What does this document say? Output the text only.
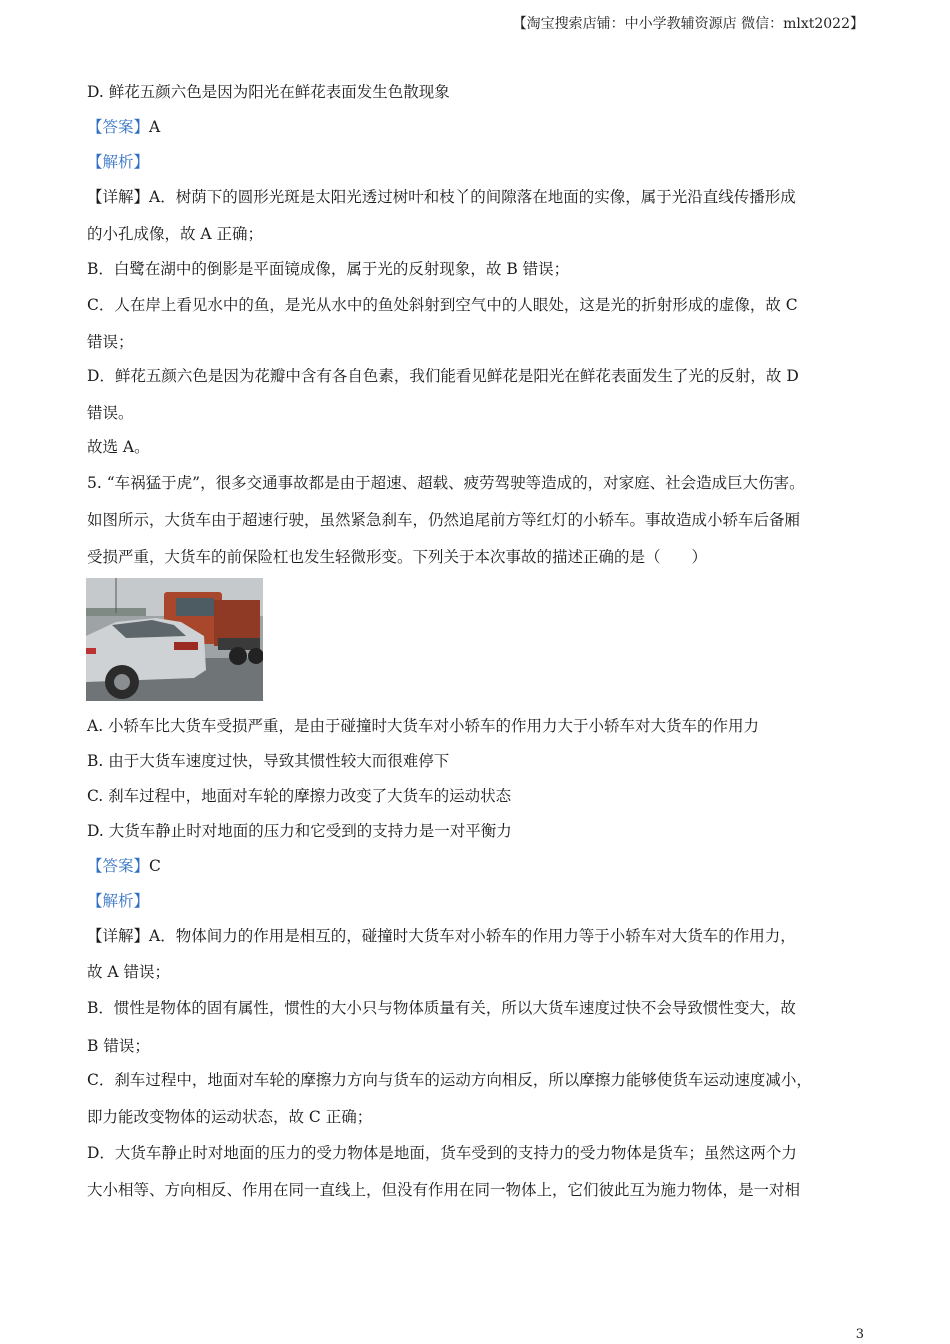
【淘宝搜索店铺：中小学教辅资源店 微信：mlxt2022】
D. 鲜花五颜六色是因为阳光在鲜花表面发生色散现象
【答案】A
【解析】
【详解】A．树荫下的圆形光斑是太阳光透过树叶和枝丫的间隙落在地面的实像，属于光沿直线传播形成
的小孔成像，故 A 正确；
B．白鹭在湖中的倒影是平面镜成像，属于光的反射现象，故 B 错误；
C．人在岸上看见水中的鱼，是光从水中的鱼处斜射到空气中的人眼处，这是光的折射形成的虚像，故 C
错误；
D．鲜花五颜六色是因为花瓣中含有各自色素，我们能看见鲜花是阳光在鲜花表面发生了光的反射，故 D
错误。
故选 A。
5. “车祸猛于虎”，很多交通事故都是由于超速、超载、疲劳驾驶等造成的，对家庭、社会造成巨大伤害。
如图所示，大货车由于超速行驶，虽然紧急刹车，仍然追尾前方等红灯的小轿车。事故造成小轿车后备厢
受损严重，大货车的前保险杠也发生轻微形变。下列关于本次事故的描述正确的是（　　）
A. 小轿车比大货车受损严重，是由于碰撞时大货车对小轿车的作用力大于小轿车对大货车的作用力
B. 由于大货车速度过快，导致其惯性较大而很难停下
C. 刹车过程中，地面对车轮的摩擦力改变了大货车的运动状态
D. 大货车静止时对地面的压力和它受到的支持力是一对平衡力
【答案】C
【解析】
【详解】A．物体间力的作用是相互的，碰撞时大货车对小轿车的作用力等于小轿车对大货车的作用力，
故 A 错误；
B．惯性是物体的固有属性，惯性的大小只与物体质量有关，所以大货车速度过快不会导致惯性变大，故
B 错误；
C．刹车过程中，地面对车轮的摩擦力方向与货车的运动方向相反，所以摩擦力能够使货车运动速度减小，
即力能改变物体的运动状态，故 C 正确；
D．大货车静止时对地面的压力的受力物体是地面，货车受到的支持力的受力物体是货车；虽然这两个力
大小相等、方向相反、作用在同一直线上，但没有作用在同一物体上，它们彼此互为施力物体，是一对相
3
